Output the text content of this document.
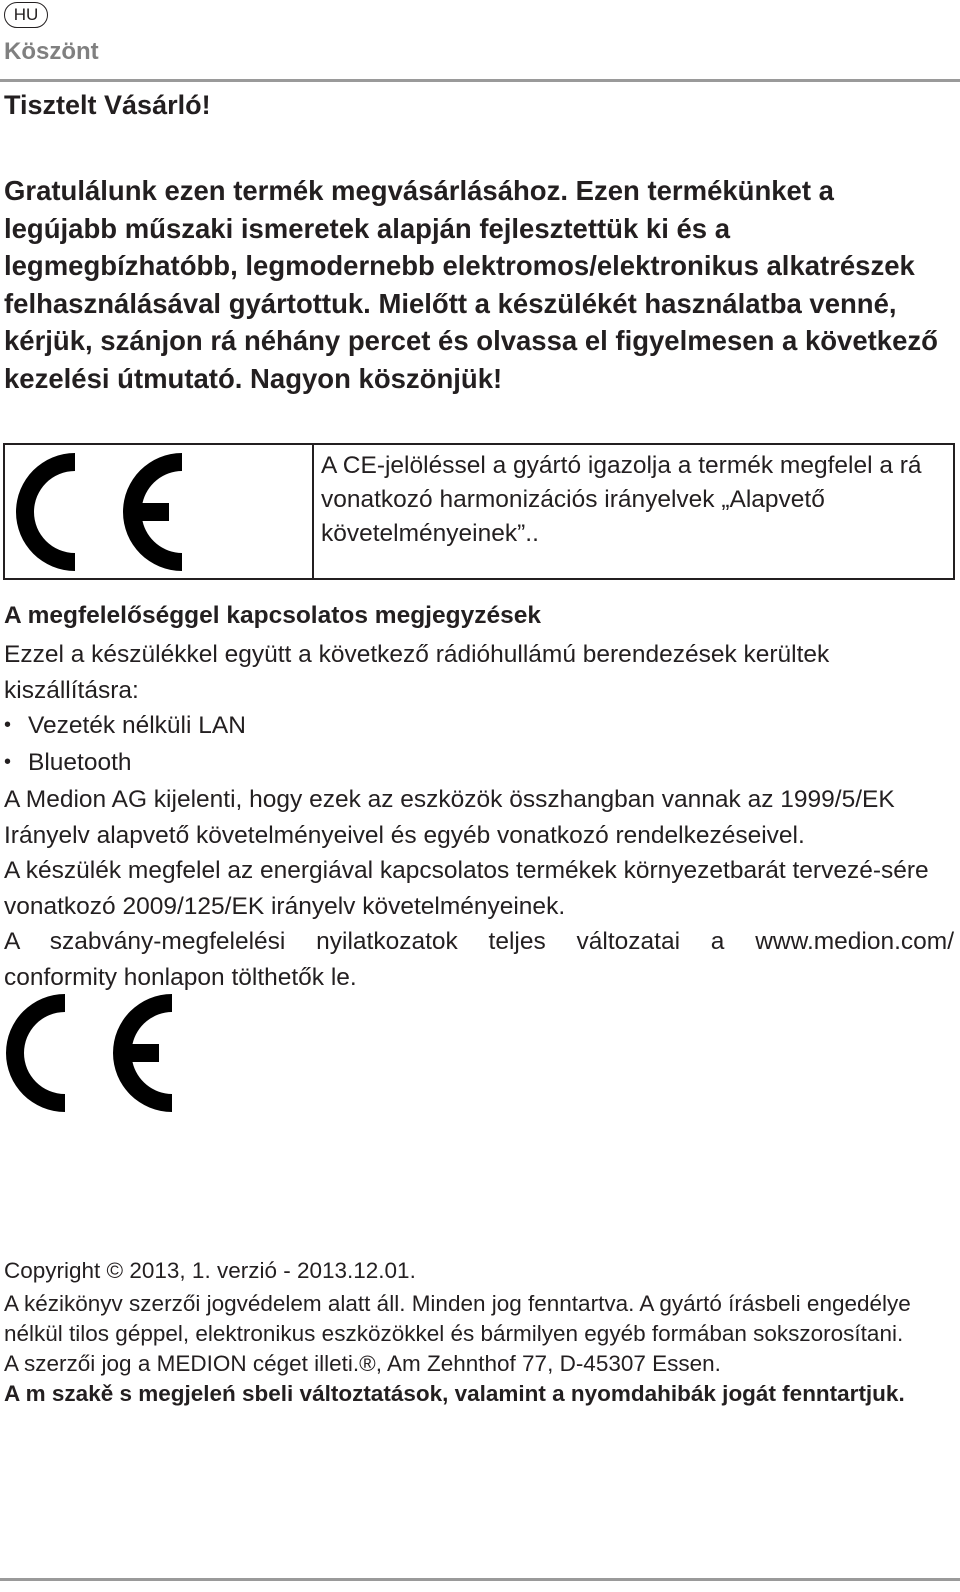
HU
Köszönt
Tisztelt Vásárló!

Gratulálunk ezen termék megvásárlásához. Ezen termékünket a legújabb műszaki ismeretek alapján fejlesztettük ki és a legmegbízhatóbb, legmodernebb elektromos/elektronikus alkatrészek felhasználásával gyártottuk. Mielőtt a készülékét használatba venné, kérjük, szánjon rá néhány percet és olvassa el figyelmesen a következő kezelési útmutató. Nagyon köszönjük!

A CE-jelöléssel a gyártó igazolja a termék megfelel a rá vonatkozó harmonizációs irányelvek „Alapvető követelményeinek”..

A megfelelőséggel kapcsolatos megjegyzések

Ezzel a készülékkel együtt a következő rádióhullámú berendezések kerültek kiszállításra:

• Vezeték nélküli LAN
• Bluetooth

A Medion AG kijelenti, hogy ezek az eszközök összhangban vannak az 1999/5/EK Irányelv alapvető követelményeivel és egyéb vonatkozó rendelkezéseivel.

A készülék megfelel az energiával kapcsolatos termékek környezetbarát tervezé-sére vonatkozó 2009/125/EK irányelv követelményeinek.

A szabvány-megfelelési nyilatkozatok teljes változatai a www.medion.com/

conformity honlapon tölthetők le.

Copyright © 2013, 1. verzió - 2013.12.01.

A kézikönyv szerzői jogvédelem alatt áll. Minden jog fenntartva. A gyártó írásbeli engedélye nélkül tilos géppel, elektronikus eszközökkel és bármilyen egyéb formában sokszorosítani.

A szerzői jog a MEDION céget illeti.®, Am Zehnthof 77, D-45307 Essen.

A m szakě s megjeleń sbeli változtatások, valamint a nyomdahibák jogát fenntartjuk.
